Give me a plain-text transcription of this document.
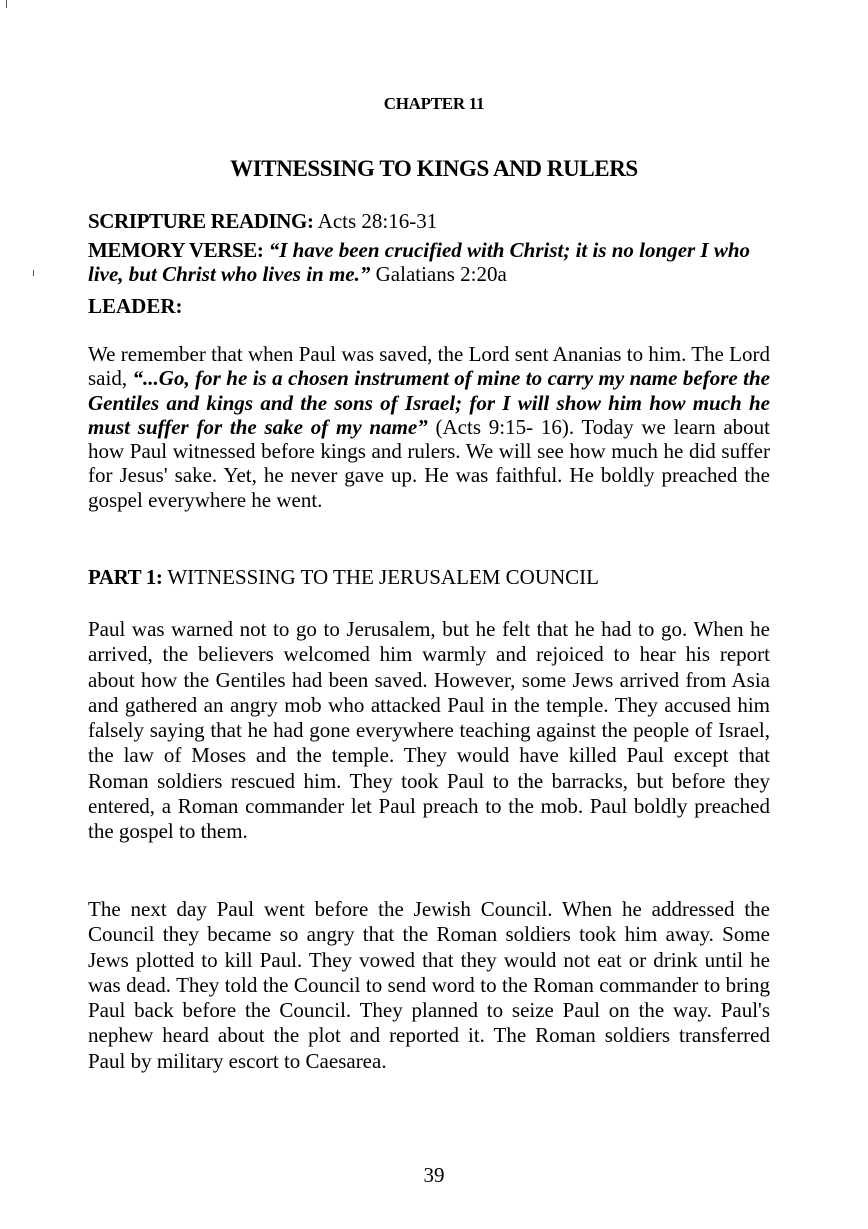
CHAPTER 11
WITNESSING TO KINGS AND RULERS
SCRIPTURE READING: Acts 28:16-31
MEMORY VERSE: “I have been crucified with Christ; it is no longer I who live, but Christ who lives in me.” Galatians 2:20a
LEADER:
We remember that when Paul was saved, the Lord sent Ananias to him. The Lord said, “...Go, for he is a chosen instrument of mine to carry my name before the Gentiles and kings and the sons of Israel; for I will show him how much he must suffer for the sake of my name” (Acts 9:15- 16). Today we learn about how Paul witnessed before kings and rulers. We will see how much he did suffer for Jesus' sake. Yet, he never gave up. He was faithful. He boldly preached the gospel everywhere he went.
PART 1: WITNESSING TO THE JERUSALEM COUNCIL
Paul was warned not to go to Jerusalem, but he felt that he had to go. When he arrived, the believers welcomed him warmly and rejoiced to hear his report about how the Gentiles had been saved. However, some Jews arrived from Asia and gathered an angry mob who attacked Paul in the temple. They accused him falsely saying that he had gone everywhere teaching against the people of Israel, the law of Moses and the temple. They would have killed Paul except that Roman soldiers rescued him. They took Paul to the barracks, but before they entered, a Roman commander let Paul preach to the mob. Paul boldly preached the gospel to them.
The next day Paul went before the Jewish Council. When he addressed the Council they became so angry that the Roman soldiers took him away. Some Jews plotted to kill Paul. They vowed that they would not eat or drink until he was dead. They told the Council to send word to the Roman commander to bring Paul back before the Council. They planned to seize Paul on the way. Paul's nephew heard about the plot and reported it. The Roman soldiers transferred Paul by military escort to Caesarea.
39
